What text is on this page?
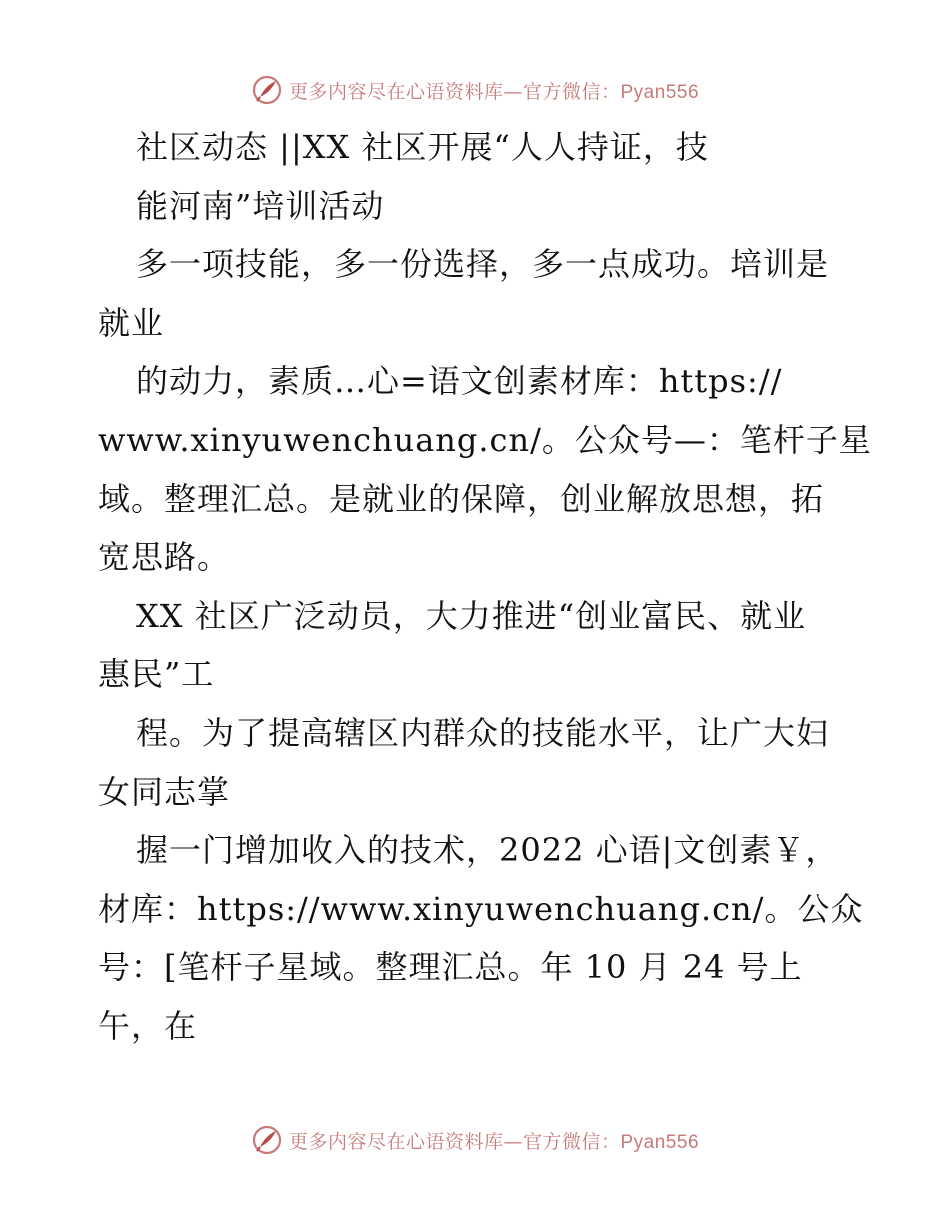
更多内容尽在心语资料库—官方微信：Pyan556
社区动态 ||XX 社区开展“人人持证，技
能河南”培训活动
多一项技能，多一份选择，多一点成功。培训是
就业
的动力，素质…心=语文创素材库：https://
www.xinyuwenchuang.cn/。公众号—：笔杆子星
域。整理汇总。是就业的保障，创业解放思想，拓
宽思路。
XX 社区广泛动员，大力推进“创业富民、就业
惠民”工
程。为了提高辖区内群众的技能水平，让广大妇
女同志掌
握一门增加收入的技术，2022 心语|文创素￥，
材库：https://www.xinyuwenchuang.cn/。公众
号：[笔杆子星域。整理汇总。年 10 月 24 号上
午，在
更多内容尽在心语资料库—官方微信：Pyan556
